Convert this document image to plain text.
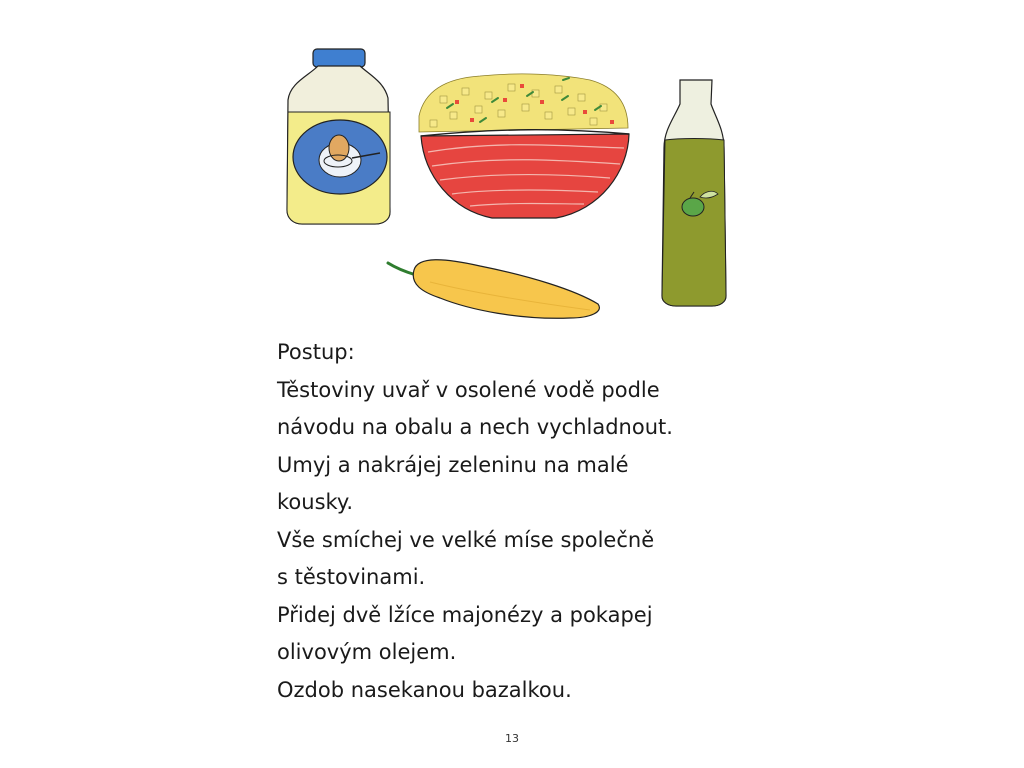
Postup:

Těstoviny uvař v osolené vodě podle

návodu na obalu a nech vychladnout.

Umyj a nakrájej zeleninu na malé

kousky.

Vše smíchej ve velké míse společně

s těstovinami.

Přidej dvě lžíce majonézy a pokapej

olivovým olejem.

Ozdob nasekanou bazalkou.

13
